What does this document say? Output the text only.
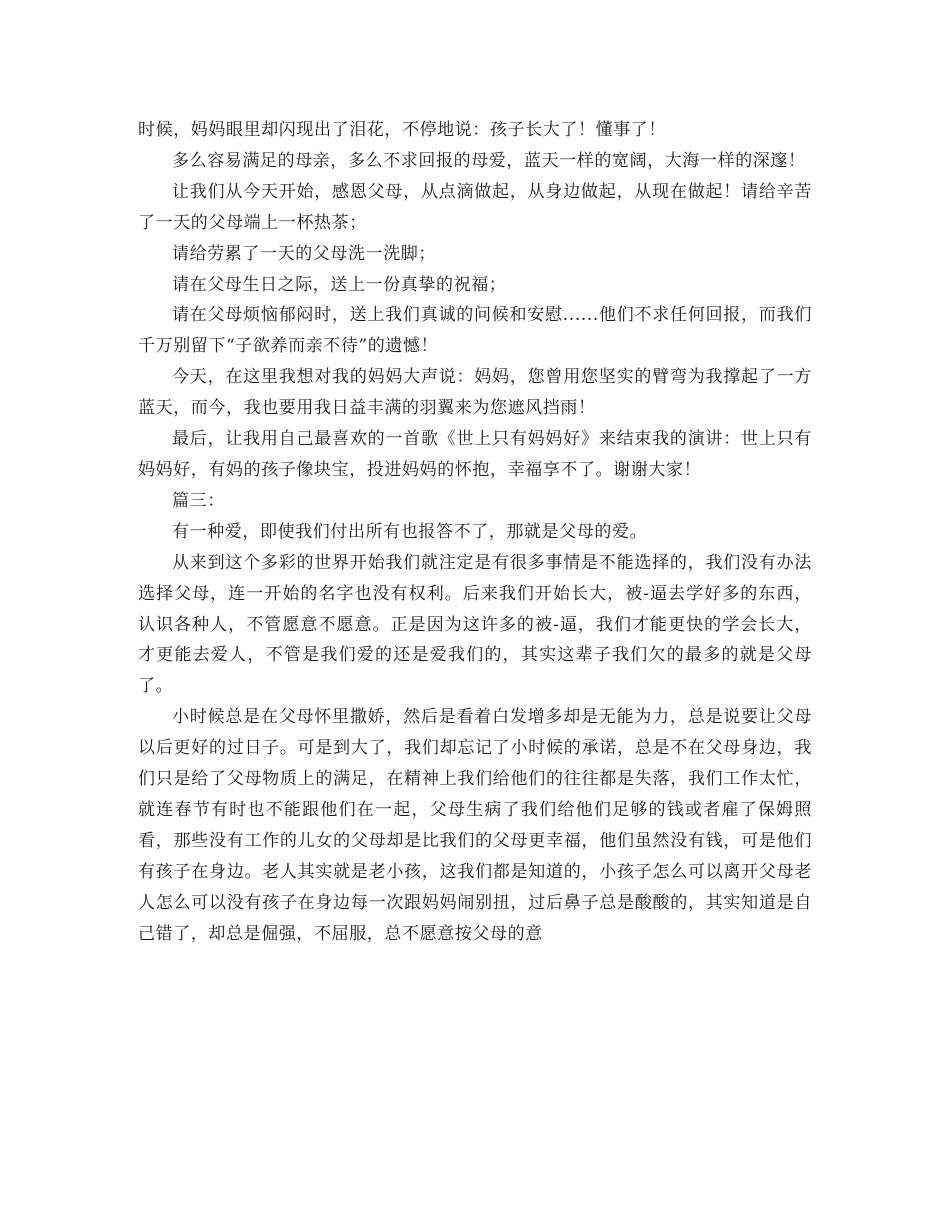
时候，妈妈眼里却闪现出了泪花，不停地说：孩子长大了！懂事了！

多么容易满足的母亲，多么不求回报的母爱，蓝天一样的宽阔，大海一样的深邃！

让我们从今天开始，感恩父母，从点滴做起，从身边做起，从现在做起！请给辛苦了一天的父母端上一杯热茶；

请给劳累了一天的父母洗一洗脚；

请在父母生日之际，送上一份真挚的祝福；

请在父母烦恼郁闷时，送上我们真诚的问候和安慰......他们不求任何回报，而我们千万别留下“子欲养而亲不待”的遗憾！

今天，在这里我想对我的妈妈大声说：妈妈，您曾用您坚实的臂弯为我撑起了一方蓝天，而今，我也要用我日益丰满的羽翼来为您遮风挡雨！

最后，让我用自己最喜欢的一首歌《世上只有妈妈好》来结束我的演讲：世上只有妈妈好，有妈的孩子像块宝，投进妈妈的怀抱，幸福享不了。谢谢大家！

篇三：

有一种爱，即使我们付出所有也报答不了，那就是父母的爱。

从来到这个多彩的世界开始我们就注定是有很多事情是不能选择的，我们没有办法选择父母，连一开始的名字也没有权利。后来我们开始长大，被-逼去学好多的东西，认识各种人，不管愿意不愿意。正是因为这许多的被-逼，我们才能更快的学会长大，才更能去爱人，不管是我们爱的还是爱我们的，其实这辈子我们欠的最多的就是父母了。

小时候总是在父母怀里撒娇，然后是看着白发增多却是无能为力，总是说要让父母以后更好的过日子。可是到大了，我们却忘记了小时候的承诺，总是不在父母身边，我们只是给了父母物质上的满足，在精神上我们给他们的往往都是失落，我们工作太忙，就连春节有时也不能跟他们在一起，父母生病了我们给他们足够的钱或者雇了保姆照看，那些没有工作的儿女的父母却是比我们的父母更幸福，他们虽然没有钱，可是他们有孩子在身边。老人其实就是老小孩，这我们都是知道的，小孩子怎么可以离开父母老人怎么可以没有孩子在身边每一次跟妈妈闹别扭，过后鼻子总是酸酸的，其实知道是自己错了，却总是倔强，不屈服，总不愿意按父母的意
